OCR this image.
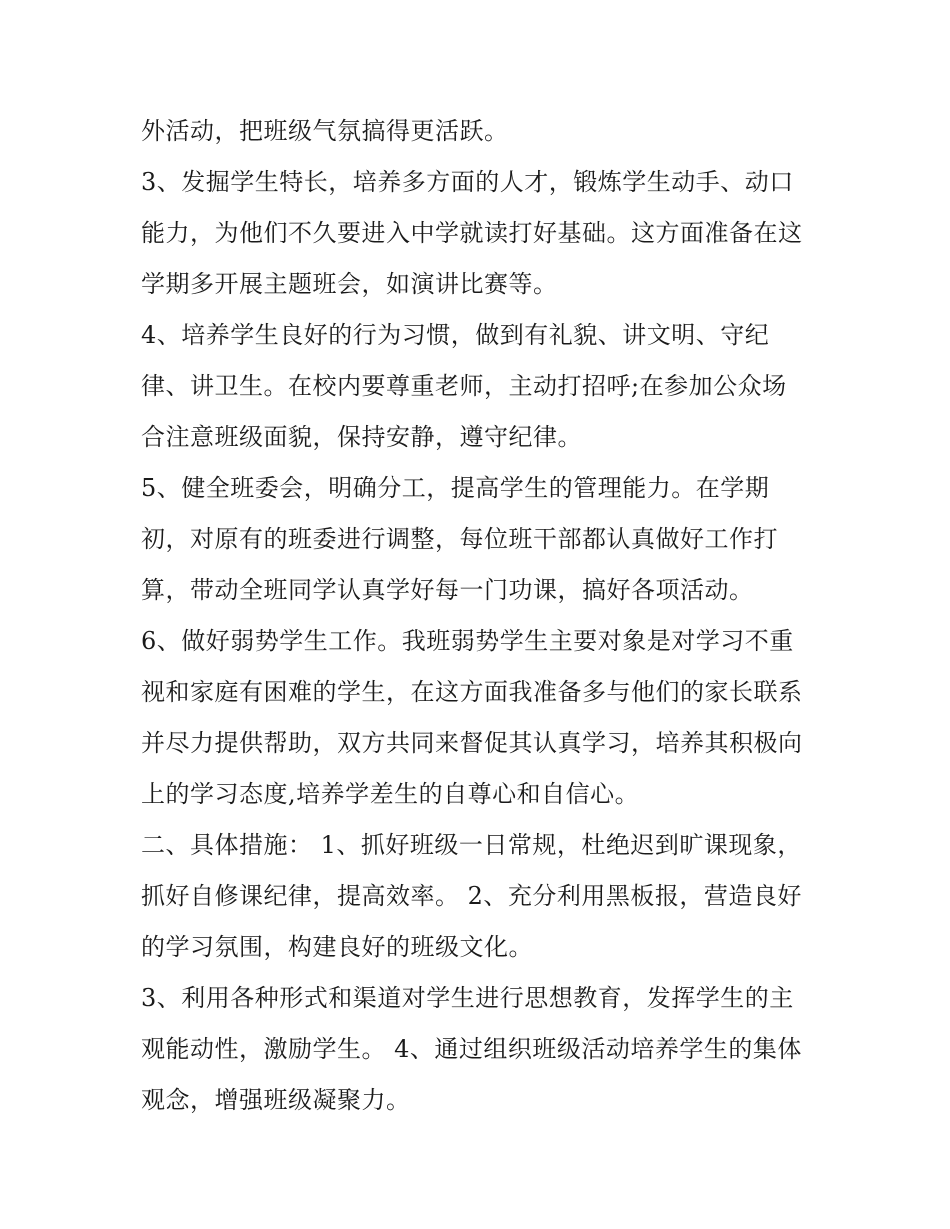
外活动，把班级气氛搞得更活跃。
3、发掘学生特长，培养多方面的人才，锻炼学生动手、动口
能力，为他们不久要进入中学就读打好基础。这方面准备在这
学期多开展主题班会，如演讲比赛等。
4、培养学生良好的行为习惯，做到有礼貌、讲文明、守纪
律、讲卫生。在校内要尊重老师，主动打招呼;在参加公众场
合注意班级面貌，保持安静，遵守纪律。
5、健全班委会，明确分工，提高学生的管理能力。在学期
初，对原有的班委进行调整，每位班干部都认真做好工作打
算，带动全班同学认真学好每一门功课，搞好各项活动。
6、做好弱势学生工作。我班弱势学生主要对象是对学习不重
视和家庭有困难的学生，在这方面我准备多与他们的家长联系
并尽力提供帮助，双方共同来督促其认真学习，培养其积极向
上的学习态度,培养学差生的自尊心和自信心。
二、具体措施： 1、抓好班级一日常规，杜绝迟到旷课现象，
抓好自修课纪律，提高效率。 2、充分利用黑板报，营造良好
的学习氛围，构建良好的班级文化。
3、利用各种形式和渠道对学生进行思想教育，发挥学生的主
观能动性，激励学生。 4、通过组织班级活动培养学生的集体
观念，增强班级凝聚力。
